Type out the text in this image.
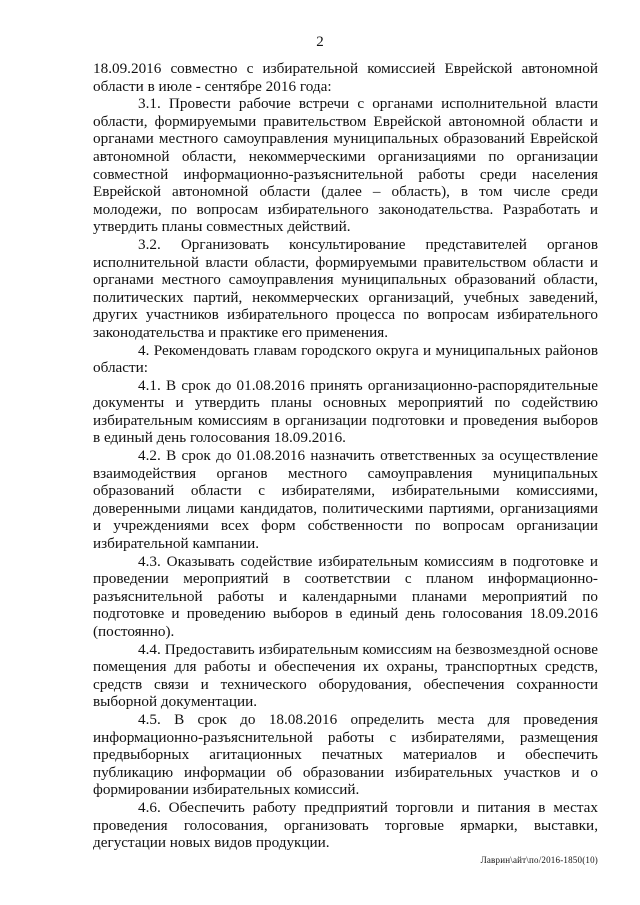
2

18.09.2016 совместно с избирательной комиссией Еврейской автономной области в июле - сентябре 2016 года:

3.1. Провести рабочие встречи с органами исполнительной власти области, формируемыми правительством Еврейской автономной области и органами местного самоуправления муниципальных образований Еврейской автономной области, некоммерческими организациями по организации совместной информационно-разъяснительной работы среди населения Еврейской автономной области (далее – область), в том числе среди молодежи, по вопросам избирательного законодательства. Разработать и утвердить планы совместных действий.

3.2. Организовать консультирование представителей органов исполнительной власти области, формируемыми правительством области и органами местного самоуправления муниципальных образований области, политических партий, некоммерческих организаций, учебных заведений, других участников избирательного процесса по вопросам избирательного законодательства и практике его применения.

4. Рекомендовать главам городского округа и муниципальных районов области:

4.1. В срок до 01.08.2016 принять организационно-распорядительные документы и утвердить планы основных мероприятий по содействию избирательным комиссиям в организации подготовки и проведения выборов в единый день голосования 18.09.2016.

4.2. В срок до 01.08.2016 назначить ответственных за осуществление взаимодействия органов местного самоуправления муниципальных образований области с избирателями, избирательными комиссиями, доверенными лицами кандидатов, политическими партиями, организациями и учреждениями всех форм собственности по вопросам организации избирательной кампании.

4.3. Оказывать содействие избирательным комиссиям в подготовке и проведении мероприятий в соответствии с планом информационно-разъяснительной работы и календарными планами мероприятий по подготовке и проведению выборов в единый день голосования 18.09.2016 (постоянно).

4.4. Предоставить избирательным комиссиям на безвозмездной основе помещения для работы и обеспечения их охраны, транспортных средств, средств связи и технического оборудования, обеспечения сохранности выборной документации.

4.5. В срок до 18.08.2016 определить места для проведения информационно-разъяснительной работы с избирателями, размещения предвыборных агитационных печатных материалов и обеспечить публикацию информации об образовании избирательных участков и о формировании избирательных комиссий.

4.6. Обеспечить работу предприятий торговли и питания в местах проведения голосования, организовать торговые ярмарки, выставки, дегустации новых видов продукции.

Лаврин\айт\по/2016-1850(10)
